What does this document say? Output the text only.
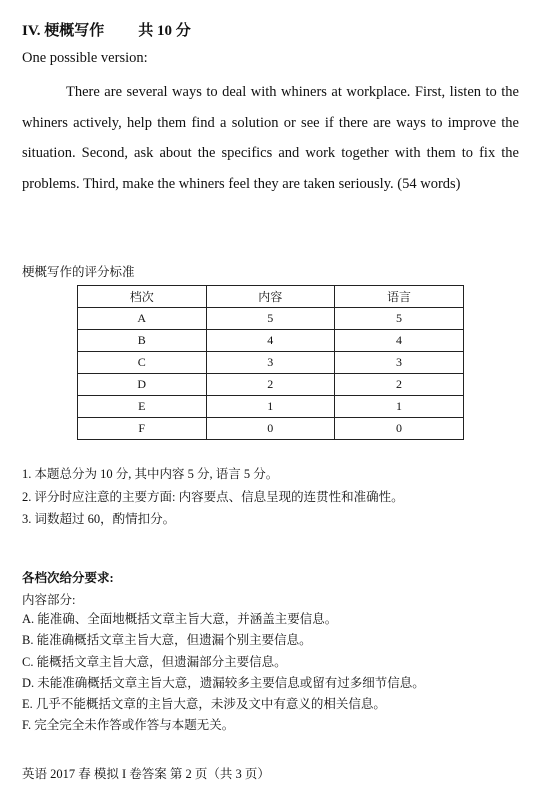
IV. 梗概写作 共 10 分
One possible version:

There are several ways to deal with whiners at workplace. First, listen to the whiners actively, help them find a solution or see if there are ways to improve the situation. Second, ask about the specifics and work together with them to fix the problems. Third, make the whiners feel they are taken seriously. (54 words)

梗概写作的评分标准
档次	内容	语言
A	5	5
B	4	4
C	3	3
D	2	2
E	1	1
F	0	0
1. 本题总分为 10 分, 其中内容 5 分, 语言 5 分。
2. 评分时应注意的主要方面: 内容要点、信息呈现的连贯性和准确性。
3. 词数超过 60，酌情扣分。
各档次给分要求:
内容部分:
A. 能准确、全面地概括文章主旨大意，并涵盖主要信息。
B. 能准确概括文章主旨大意，但遗漏个别主要信息。
C. 能概括文章主旨大意，但遗漏部分主要信息。
D. 未能准确概括文章主旨大意，遗漏较多主要信息或留有过多细节信息。
E. 几乎不能概括文章的主旨大意，未涉及文中有意义的相关信息。
F. 完全完全未作答或作答与本题无关。
英语 2017 春 模拟 I 卷答案 第 2 页（共 3 页）
